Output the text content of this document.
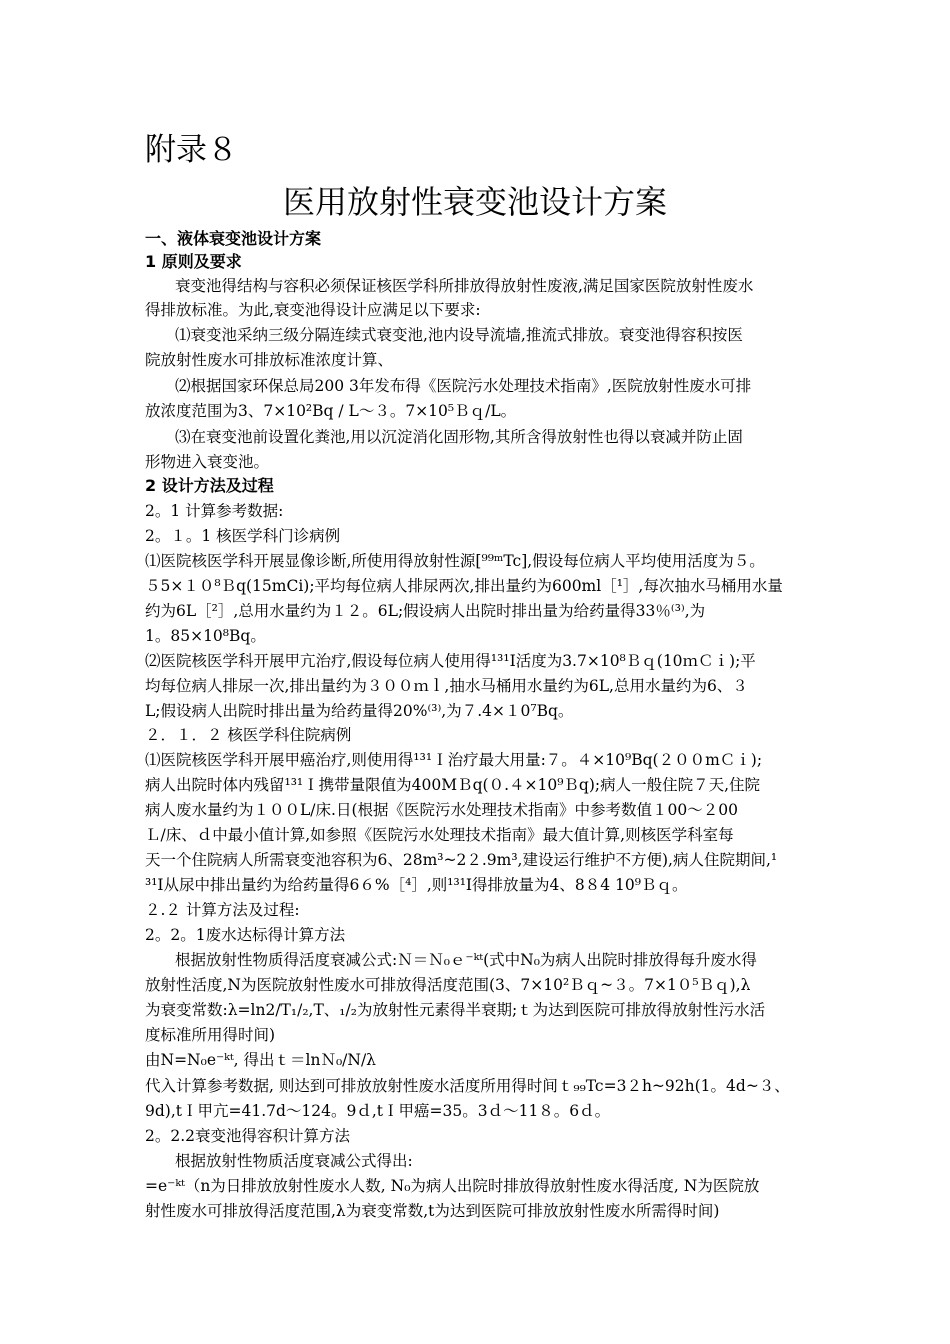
附录８

医用放射性衰变池设计方案

一、液体衰变池设计方案

1 原则及要求

衰变池得结构与容积必须保证核医学科所排放得放射性废液,满足国家医院放射性废水

得排放标准。为此,衰变池得设计应满足以下要求:

⑴衰变池采纳三级分隔连续式衰变池,池内设导流墙,推流式排放。衰变池得容积按医

院放射性废水可排放标准浓度计算、

⑵根据国家环保总局200 3年发布得《医院污水处理技术指南》,医院放射性废水可排

放浓度范围为3、7×10²Bq / L～３。7×10⁵Ｂｑ/L。

⑶在衰变池前设置化粪池,用以沉淀消化固形物,其所含得放射性也得以衰减并防止固

形物进入衰变池。

2 设计方法及过程

2。1 计算参考数据:

2。１。1 核医学科门诊病例

⑴医院核医学科开展显像诊断,所使用得放射性源[⁹⁹ᵐTc],假设每位病人平均使用活度为５。

５5×１０⁸Ｂq(15mCi);平均每位病人排尿两次,排出量约为600ml［¹］,每次抽水马桶用水量

约为6L［²］,总用水量约为１２。6L;假设病人出院时排出量为给药量得33％⁽³⁾,为

1。85×10⁸Bq。

⑵医院核医学科开展甲亢治疗,假设每位病人使用得¹³¹I活度为3.7×10⁸Ｂｑ(10ｍＣｉ);平

均每位病人排尿一次,排出量约为３００ｍｌ,抽水马桶用水量约为6L,总用水量约为6、３

L;假设病人出院时排出量为给药量得20%⁽³⁾,为７.4×１0⁷Bq。

２．１．２ 核医学科住院病例

⑴医院核医学科开展甲癌治疗,则使用得¹³¹Ｉ治疗最大用量:７。４×10⁹Bq(２００mＣｉ);

病人出院时体内残留¹³¹Ｉ携带量限值为400MＢq(０.４×10⁹Ｂq);病人一般住院７天,住院

病人废水量约为１００L/床.日(根据《医院污水处理技术指南》中参考数值１00～２00

Ｌ/床、ｄ中最小值计算,如参照《医院污水处理技术指南》最大值计算,则核医学科室每

天一个住院病人所需衰变池容积为6、28m³~2２.9m³,建设运行维护不方便),病人住院期间,¹

³¹I从尿中排出量约为给药量得6６%［⁴］,则¹³¹I得排放量为4、8８4 10⁹Ｂｑ。

２.２ 计算方法及过程:

2。2。1废水达标得计算方法

根据放射性物质得活度衰减公式:Ｎ＝Ｎ₀ｅ⁻ᵏᵗ(式中N₀为病人出院时排放得每升废水得

放射性活度,N为医院放射性废水可排放得活度范围(3、7×10²Ｂｑ~３。7×1０⁵Ｂｑ),λ

为衰变常数:λ=ln2/T₁/₂,T、₁/₂为放射性元素得半衰期;ｔ为达到医院可排放得放射性污水活

度标准所用得时间)

由N=N₀e⁻ᵏᵗ, 得出ｔ＝lnＮ₀/N/λ

代入计算参考数据, 则达到可排放放射性废水活度所用得时间ｔ₉₉Tc=3２h~92h(1。4d~３、

9d),tＩ甲亢=41.7d～124。9ｄ,tＩ甲癌=35。3ｄ～11８。6ｄ。

2。2.2衰变池得容积计算方法

根据放射性物质活度衰减公式得出:

=e⁻ᵏᵗ（n为日排放放射性废水人数, N₀为病人出院时排放得放射性废水得活度, N为医院放

射性废水可排放得活度范围,λ为衰变常数,t为达到医院可排放放射性废水所需得时间)
